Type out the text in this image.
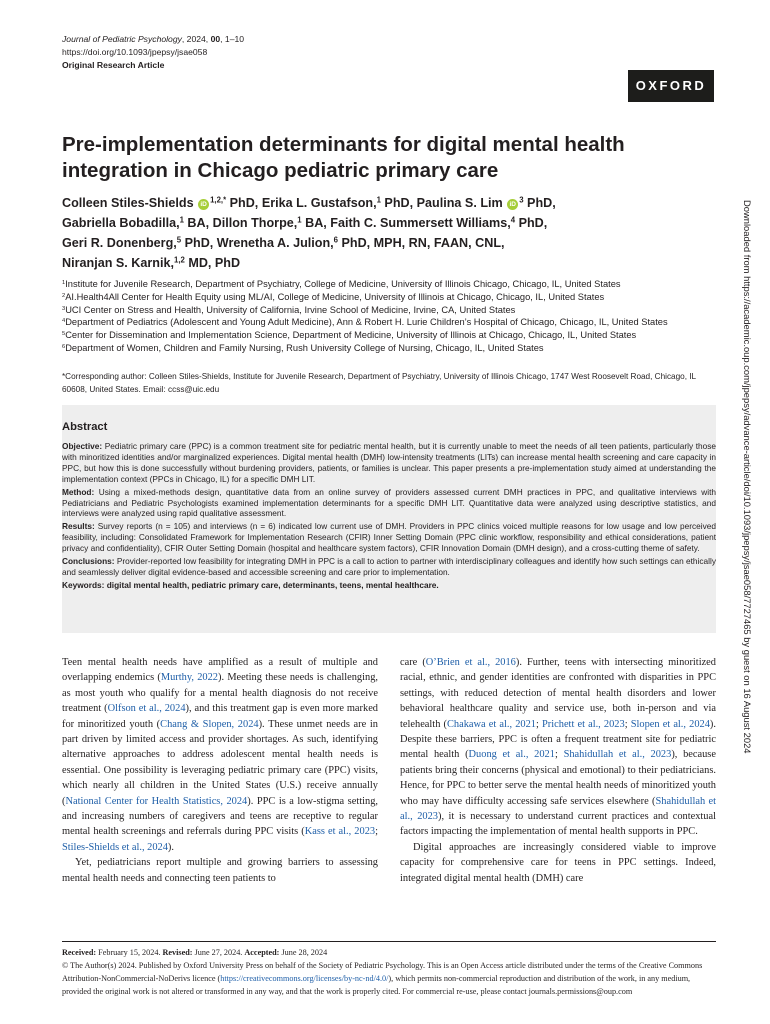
Journal of Pediatric Psychology, 2024, 00, 1–10
https://doi.org/10.1093/jpepsy/jsae058
Original Research Article
OXFORD
Pre-implementation determinants for digital mental health integration in Chicago pediatric primary care
Colleen Stiles-Shields iD $^{1,2,*}$ PhD, Erika L. Gustafson,$^1$ PhD, Paulina S. Lim iD $^3$ PhD,
Gabriella Bobadilla,$^1$ BA, Dillon Thorpe,$^1$ BA, Faith C. Summersett Williams,$^4$ PhD,
Geri R. Donenberg,$^5$ PhD, Wrenetha A. Julion,$^6$ PhD, MPH, RN, FAAN, CNL,
Niranjan S. Karnik,$^{1,2}$ MD, PhD
$^1$Institute for Juvenile Research, Department of Psychiatry, College of Medicine, University of Illinois Chicago, Chicago, IL, United States
$^2$AI.Health4All Center for Health Equity using ML/AI, College of Medicine, University of Illinois at Chicago, Chicago, IL, United States
$^3$UCI Center on Stress and Health, University of California, Irvine School of Medicine, Irvine, CA, United States
$^4$Department of Pediatrics (Adolescent and Young Adult Medicine), Ann & Robert H. Lurie Children’s Hospital of Chicago, Chicago, IL, United States
$^5$Center for Dissemination and Implementation Science, Department of Medicine, University of Illinois at Chicago, Chicago, IL, United States
$^6$Department of Women, Children and Family Nursing, Rush University College of Nursing, Chicago, IL, United States
*Corresponding author: Colleen Stiles-Shields, Institute for Juvenile Research, Department of Psychiatry, University of Illinois Chicago, 1747 West Roosevelt Road, Chicago, IL 60608, United States. Email: ccss@uic.edu
Abstract

Objective: Pediatric primary care (PPC) is a common treatment site for pediatric mental health, but it is currently unable to meet the needs of all teen patients, particularly those with minoritized identities and/or marginalized experiences. Digital mental health (DMH) low-intensity treatments (LITs) can increase mental health screening and care capacity in PPC, but how this is done successfully without burdening providers, patients, or families is unclear. This paper presents a pre-implementation study aimed at understanding the implementation context (PPCs in Chicago, IL) for a specific DMH LIT.

Method: Using a mixed-methods design, quantitative data from an online survey of providers assessed current DMH practices in PPC, and qualitative interviews with Pediatricians and Pediatric Psychologists examined implementation determinants for a specific DMH LIT. Quantitative data were analyzed using descriptive statistics, and interviews were analyzed using rapid qualitative assessment.

Results: Survey reports (n = 105) and interviews (n = 6) indicated low current use of DMH. Providers in PPC clinics voiced multiple reasons for low usage and low perceived feasibility, including: Consolidated Framework for Implementation Research (CFIR) Inner Setting Domain (PPC clinic workflow, responsibility and ethical considerations, patient privacy and confidentiality), CFIR Outer Setting Domain (hospital and healthcare system factors), CFIR Innovation Domain (DMH design), and a cross-cutting theme of safety.

Conclusions: Provider-reported low feasibility for integrating DMH in PPC is a call to action to partner with interdisciplinary colleagues and identify how such settings can ethically and seamlessly deliver digital evidence-based and accessible screening and care prior to implementation.

Keywords: digital mental health, pediatric primary care, determinants, teens, mental healthcare.

Teen mental health needs have amplified as a result of multiple and overlapping endemics (Murthy, 2022). Meeting these needs is challenging, as most youth who qualify for a mental health diagnosis do not receive treatment (Olfson et al., 2024), and this treatment gap is even more marked for minoritized youth (Chang & Slopen, 2024). These unmet needs are in part driven by limited access and provider shortages. As such, identifying alternative approaches to address adolescent mental health needs is essential. One possibility is leveraging pediatric primary care (PPC) visits, which nearly all children in the United States (U.S.) receive annually (National Center for Health Statistics, 2024). PPC is a low-stigma setting, and increasing numbers of caregivers and teens are receptive to regular mental health screenings and referrals during PPC visits (Kass et al., 2023; Stiles-Shields et al., 2024).

Yet, pediatricians report multiple and growing barriers to assessing mental health needs and connecting teen patients to

care (O’Brien et al., 2016). Further, teens with intersecting minoritized racial, ethnic, and gender identities are confronted with disparities in PPC settings, with reduced detection of mental health disorders and lower behavioral healthcare quality and service use, both in-person and via telehealth (Chakawa et al., 2021; Prichett et al., 2023; Slopen et al., 2024). Despite these barriers, PPC is often a frequent treatment site for pediatric mental health (Duong et al., 2021; Shahidullah et al., 2023), because patients bring their concerns (physical and emotional) to their pediatricians. Hence, for PPC to better serve the mental health needs of minoritized youth who may have difficulty accessing safe services elsewhere (Shahidullah et al., 2023), it is necessary to understand current practices and contextual factors impacting the implementation of mental health supports in PPC.

Digital approaches are increasingly considered viable to improve capacity for comprehensive care for teens in PPC settings. Indeed, integrated digital mental health (DMH) care

Received: February 15, 2024. Revised: June 27, 2024. Accepted: June 28, 2024
© The Author(s) 2024. Published by Oxford University Press on behalf of the Society of Pediatric Psychology. This is an Open Access article distributed under the terms of the Creative Commons Attribution-NonCommercial-NoDerivs licence (https://creativecommons.org/licenses/by-nc-nd/4.0/), which permits non-commercial reproduction and distribution of the work, in any medium, provided the original work is not altered or transformed in any way, and that the work is properly cited. For commercial re-use, please contact journals.permissions@oup.com
Downloaded from https://academic.oup.com/jpepsy/advance-article/doi/10.1093/jpepsy/jsae058/7727465 by guest on 16 August 2024
